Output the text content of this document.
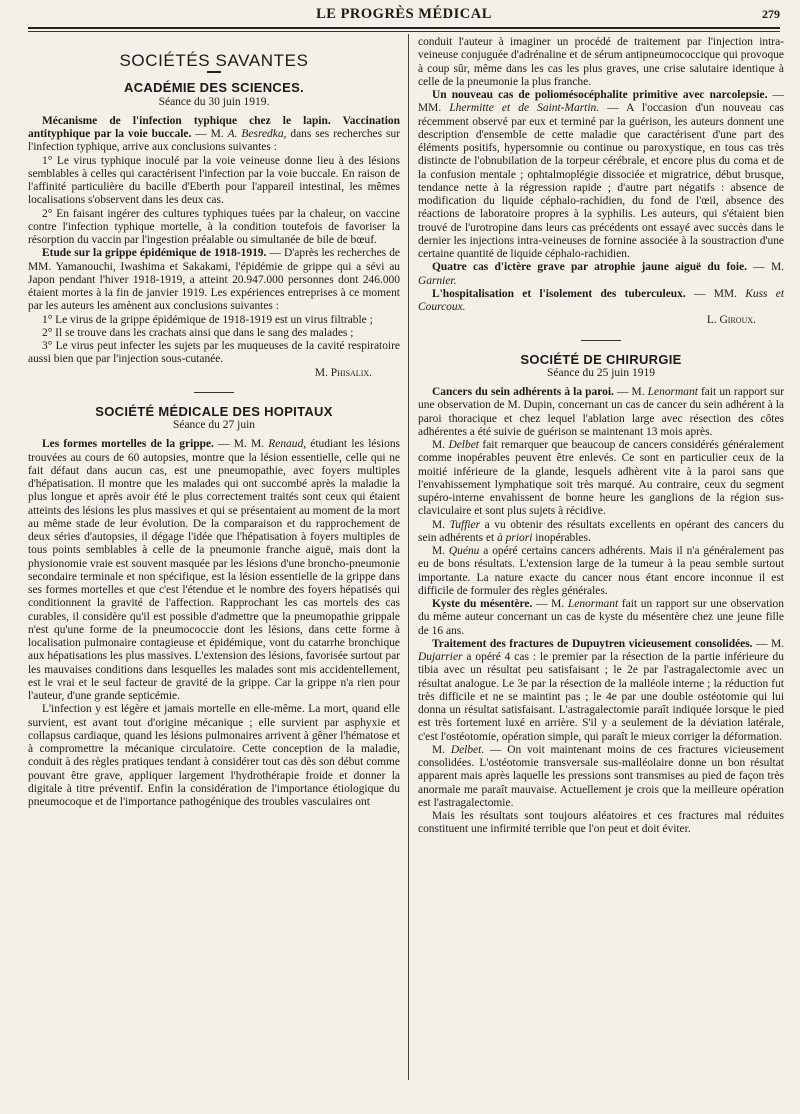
LE PROGRÈS MÉDICAL	279
SOCIÉTÉS SAVANTES
ACADÉMIE DES SCIENCES.
Séance du 30 juin 1919.

Mécanisme de l'infection typhique chez le lapin. Vaccination antityphique par la voie buccale. — M. A. Besredka, dans ses recherches sur l'infection typhique, arrive aux conclusions suivantes :

1° Le virus typhique inoculé par la voie veineuse donne lieu à des lésions semblables à celles qui caractérisent l'infection par la voie buccale. En raison de l'affinité particulière du bacille d'Eberth pour l'appareil intestinal, les mêmes localisations s'observent dans les deux cas.

2° En faisant ingérer des cultures typhiques tuées par la chaleur, on vaccine contre l'infection typhique mortelle, à la condition toutefois de favoriser la résorption du vaccin par l'ingestion préalable ou simultanée de bile de bœuf.

Etude sur la grippe épidémique de 1918-1919. — D'après les recherches de MM. Yamanouchi, Iwashima et Sakakami, l'épidémie de grippe qui a sévi au Japon pendant l'hiver 1918-1919, a atteint 20.947.000 personnes dont 246.000 étaient mortes à la fin de janvier 1919. Les expériences entreprises à ce moment par les auteurs les amènent aux conclusions suivantes :

1° Le virus de la grippe épidémique de 1918-1919 est un virus filtrable ;

2° Il se trouve dans les crachats ainsi que dans le sang des malades ;

3° Le virus peut infecter les sujets par les muqueuses de la cavité respiratoire aussi bien que par l'injection sous-cutanée.

M. Phisalix.

SOCIÉTÉ MÉDICALE DES HOPITAUX
Séance du 27 juin

Les formes mortelles de la grippe. — M. M. Renaud, étudiant les lésions trouvées au cours de 60 autopsies, montre que la lésion essentielle, celle qui ne fait défaut dans aucun cas, est une pneumopathie, avec foyers multiples d'hépatisation. Il montre que les malades qui ont succombé après la maladie la plus longue et après avoir été le plus correctement traités sont ceux qui étaient atteints des lésions les plus massives et qui se présentaient au moment de la mort au même stade de leur évolution. De la comparaison et du rapprochement de deux séries d'autopsies, il dégage l'idée que l'hépatisation à foyers multiples de tous points semblables à celle de la pneumonie franche aiguë, mais dont la physionomie vraie est souvent masquée par les lésions d'une broncho-pneumonie secondaire terminale et non spécifique, est la lésion essentielle de la grippe dans ses formes mortelles et que c'est l'étendue et le nombre des foyers hépatisés qui conditionnent la gravité de l'affection. Rapprochant les cas mortels des cas curables, il considère qu'il est possible d'admettre que la pneumopathie grippale n'est qu'une forme de la pneumococcie dont les lésions, dans cette forme à localisation pulmonaire contagieuse et épidémique, vont du catarrhe bronchique aux hépatisations les plus massives. L'extension des lésions, favorisée surtout par les mauvaises conditions dans lesquelles les malades sont mis accidentellement, est le vrai et le seul facteur de gravité de la grippe. Car la grippe n'a rien pour l'auteur, d'une grande septicémie.

L'infection y est légère et jamais mortelle en elle-même. La mort, quand elle survient, est avant tout d'origine mécanique ; elle survient par asphyxie et collapsus cardiaque, quand les lésions pulmonaires arrivent à gêner l'hématose et à compromettre la mécanique circulatoire. Cette conception de la maladie, conduit à des règles pratiques tendant à considérer tout cas dès son début comme pouvant être grave, appliquer largement l'hydrothérapie froide et donner la digitale à titre préventif. Enfin la considération de l'importance étiologique du pneumocoque et de l'importance pathogénique des troubles vasculaires ont

conduit l'auteur à imaginer un procédé de traitement par l'injection intra-veineuse conjuguée d'adrénaline et de sérum antipneumococcique qui provoque à coup sûr, même dans les cas les plus graves, une crise salutaire identique à celle de la pneumonie la plus franche.

Un nouveau cas de poliomésocéphalite primitive avec narcolepsie. — MM. Lhermitte et de Saint-Martin. — A l'occasion d'un nouveau cas récemment observé par eux et terminé par la guérison, les auteurs donnent une description d'ensemble de cette maladie que caractérisent d'une part des éléments positifs, hypersomnie ou continue ou paroxystique, en tous cas très distincte de l'obnubilation de la torpeur cérébrale, et encore plus du coma et de la confusion mentale ; ophtalmoplégie dissociée et migratrice, début brusque, tendance nette à la régression rapide ; d'autre part négatifs : absence de modification du liquide céphalo-rachidien, du fond de l'œil, absence des réactions de laboratoire propres à la syphilis. Les auteurs, qui s'étaient bien trouvé de l'urotropine dans leurs cas précédents ont essayé avec succès dans le dernier les injections intra-veineuses de fornine associée à la soustraction d'une certaine quantité de liquide céphalo-rachidien.

Quatre cas d'ictère grave par atrophie jaune aiguë du foie. — M. Garnier.

L'hospitalisation et l'isolement des tuberculeux. — MM. Kuss et Courcoux.

L. Giroux.

SOCIÉTÉ DE CHIRURGIE
Séance du 25 juin 1919

Cancers du sein adhérents à la paroi. — M. Lenormant fait un rapport sur une observation de M. Dupin, concernant un cas de cancer du sein adhérent à la paroi thoracique et chez lequel l'ablation large avec résection des côtes adhérentes a été suivie de guérison se maintenant 13 mois après.

M. Delbet fait remarquer que beaucoup de cancers considérés généralement comme inopérables peuvent être enlevés. Ce sont en particulier ceux de la moitié inférieure de la glande, lesquels adhèrent vite à la paroi sans que l'envahissement lymphatique soit très marqué. Au contraire, ceux du segment supéro-interne envahissent de bonne heure les ganglions de la région sus-claviculaire et sont plus sujets à récidive.

M. Tuffier a vu obtenir des résultats excellents en opérant des cancers du sein adhérents et à priori inopérables.

M. Quénu a opéré certains cancers adhérents. Mais il n'a généralement pas eu de bons résultats. L'extension large de la tumeur à la peau semble surtout importante. La nature exacte du cancer nous étant encore inconnue il est difficile de formuler des règles générales.

Kyste du mésentère. — M. Lenormant fait un rapport sur une observation du même auteur concernant un cas de kyste du mésentère chez une jeune fille de 16 ans.

Traitement des fractures de Dupuytren vicieusement consolidées. — M. Dujarrier a opéré 4 cas : le premier par la résection de la partie inférieure du tibia avec un résultat peu satisfaisant ; le 2e par l'astragalectomie avec un résultat analogue. Le 3e par la résection de la malléole interne ; la réduction fut très difficile et ne se maintint pas ; le 4e par une double ostéotomie qui lui donna un résultat satisfaisant. L'astragalectomie paraît indiquée lorsque le pied est très fortement luxé en arrière. S'il y a seulement de la déviation latérale, c'est l'ostéotomie, opération simple, qui paraît le mieux corriger la déformation.

M. Delbet. — On voit maintenant moins de ces fractures vicieusement consolidées. L'ostéotomie transversale sus-malléolaire donne un bon résultat apparent mais après laquelle les pressions sont transmises au pied de façon très anormale me paraît mauvaise. Actuellement je crois que la meilleure opération est l'astragalectomie.

Mais les résultats sont toujours aléatoires et ces fractures mal réduites constituent une infirmité terrible que l'on peut et doit éviter.
